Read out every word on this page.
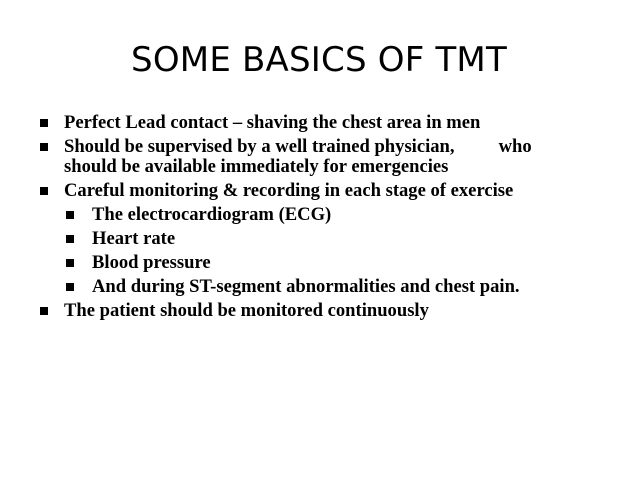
SOME BASICS OF TMT
Perfect Lead contact – shaving the chest area in men
Should be supervised by a well trained physician, who
should be available immediately for emergencies
Careful monitoring & recording in each stage of exercise
The electrocardiogram (ECG)
Heart rate
Blood pressure
And during ST-segment abnormalities and chest pain.
The patient should be monitored continuously
